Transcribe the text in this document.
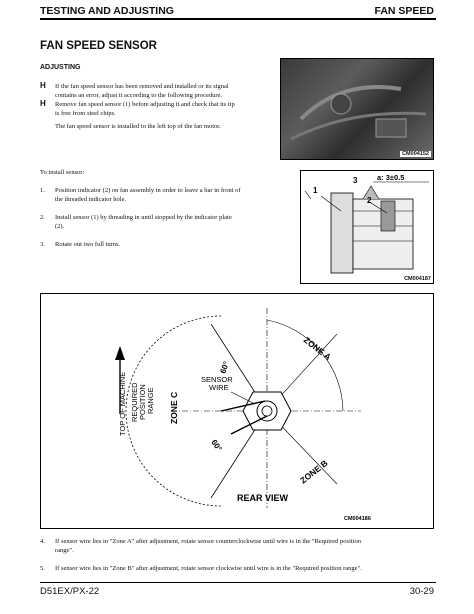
TESTING AND ADJUSTING	FAN SPEED
FAN SPEED SENSOR
ADJUSTING
H If the fan speed sensor has been removed and installed or its signal
contains an error, adjust it according to the following procedure.
H Remove fan speed sensor (1) before adjusting it and check that its tip
is free from steel chips.
The fan speed sensor is installed to the left top of the fan motor.
CM004152
To install sensor:
1. Position indicator (2) on fan assembly in order to leave a bar in front of
the threaded indicator hole.
2. Install sensor (1) by threading in until stopped by the indicator plate
(2).
3. Rotate out two full turns.
3
1
2
a: 3±0.5
CM004187
TOP OF MACHINE REQUIRED POSITION RANGE ZONE C
ZONE A
ZONE B
SENSOR
WIRE
60°
60°
REAR VIEW
CM004186
4. If sensor wire lies in "Zone A" after adjustment, rotate sensor counterclockwise until wire is in the "Required position
range".
5. If sensor wire lies in "Zone B" after adjustment, rotate sensor clockwise until wire is in the "Required position range".
D51EX/PX-22	30-29
